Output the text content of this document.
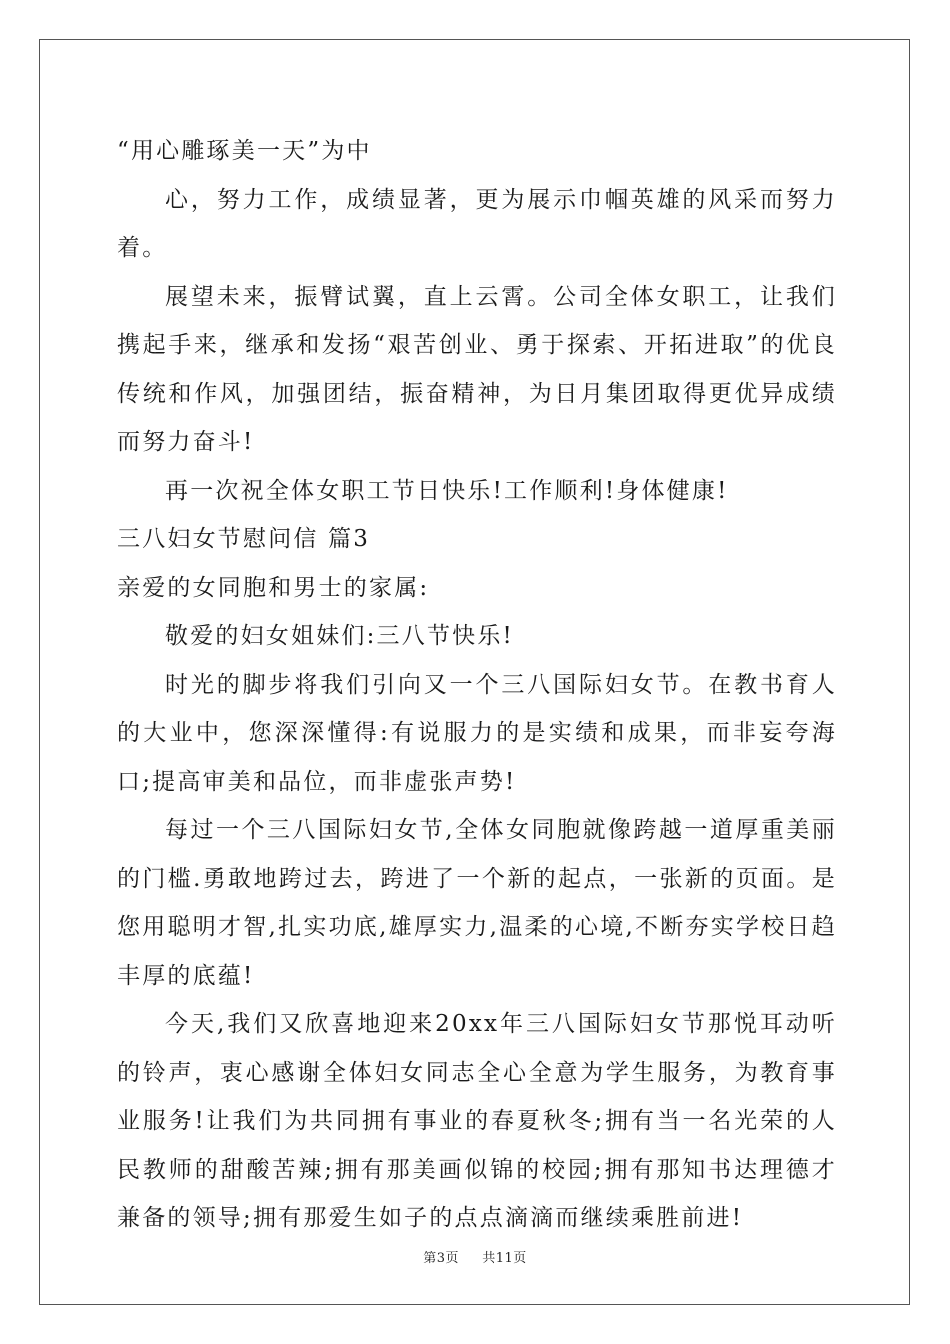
“用心雕琢美一天”为中

心，努力工作，成绩显著，更为展示巾帼英雄的风采而努力着。

展望未来，振臂试翼，直上云霄。公司全体女职工，让我们携起手来，继承和发扬“艰苦创业、勇于探索、开拓进取”的优良传统和作风，加强团结，振奋精神，为日月集团取得更优异成绩而努力奋斗!

再一次祝全体女职工节日快乐!工作顺利!身体健康!

三八妇女节慰问信 篇3

亲爱的女同胞和男士的家属:

敬爱的妇女姐妹们:三八节快乐!

时光的脚步将我们引向又一个三八国际妇女节。在教书育人的大业中，您深深懂得:有说服力的是实绩和成果，而非妄夸海口;提高审美和品位，而非虚张声势!

每过一个三八国际妇女节,全体女同胞就像跨越一道厚重美丽的门槛.勇敢地跨过去，跨进了一个新的起点，一张新的页面。是您用聪明才智,扎实功底,雄厚实力,温柔的心境,不断夯实学校日趋丰厚的底蕴!

今天,我们又欣喜地迎来20xx年三八国际妇女节那悦耳动听的铃声，衷心感谢全体妇女同志全心全意为学生服务，为教育事业服务!让我们为共同拥有事业的春夏秋冬;拥有当一名光荣的人民教师的甜酸苦辣;拥有那美画似锦的校园;拥有那知书达理德才兼备的领导;拥有那爱生如子的点点滴滴而继续乘胜前进!

第3页 共11页
